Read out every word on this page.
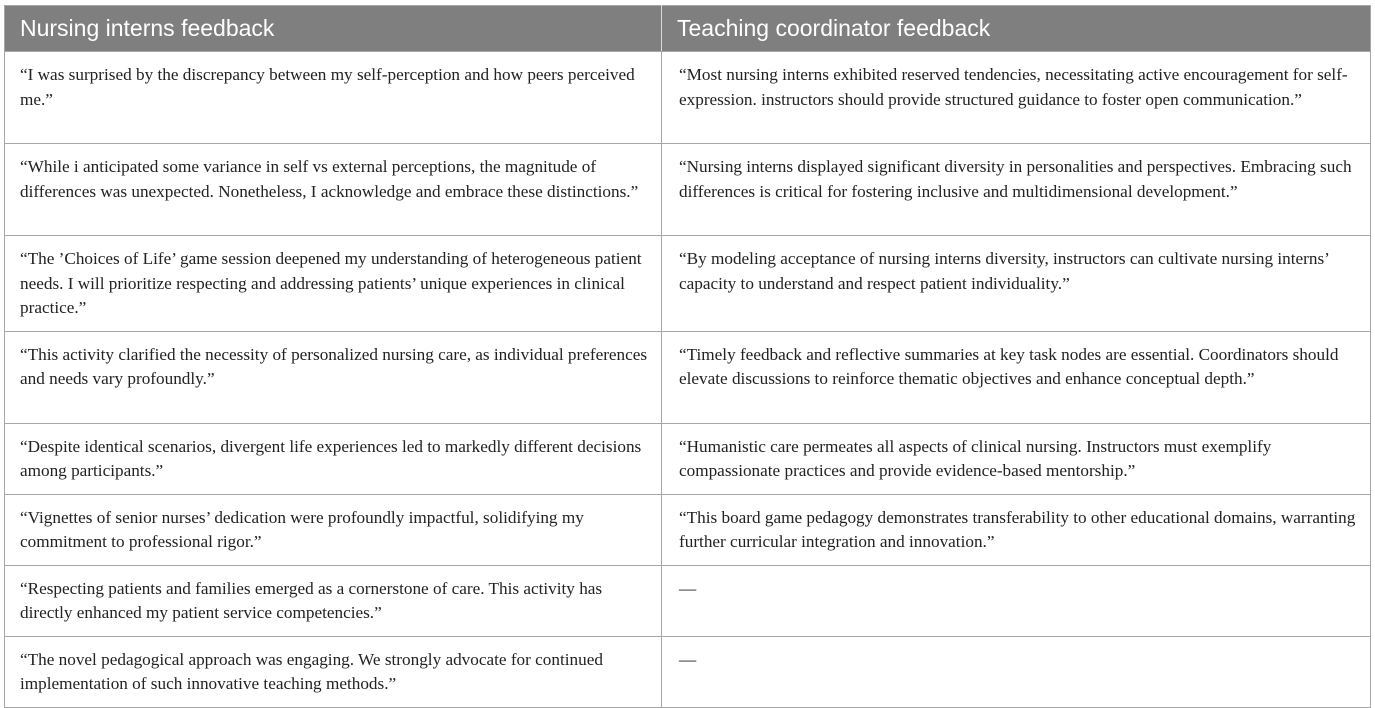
Nursing interns feedback	Teaching coordinator feedback
“I was surprised by the discrepancy between my self-perception and how peers perceived me.”	“Most nursing interns exhibited reserved tendencies, necessitating active encouragement for self-expression. instructors should provide structured guidance to foster open communication.”
“While i anticipated some variance in self vs external perceptions, the magnitude of differences was unexpected. Nonetheless, I acknowledge and embrace these distinctions.”	“Nursing interns displayed significant diversity in personalities and perspectives. Embracing such differences is critical for fostering inclusive and multidimensional development.”
“The ’Choices of Life’ game session deepened my understanding of heterogeneous patient needs. I will prioritize respecting and addressing patients’ unique experiences in clinical practice.”	“By modeling acceptance of nursing interns diversity, instructors can cultivate nursing interns’ capacity to understand and respect patient individuality.”
“This activity clarified the necessity of personalized nursing care, as individual preferences and needs vary profoundly.”	“Timely feedback and reflective summaries at key task nodes are essential. Coordinators should elevate discussions to reinforce thematic objectives and enhance conceptual depth.”
“Despite identical scenarios, divergent life experiences led to markedly different decisions among participants.”	“Humanistic care permeates all aspects of clinical nursing. Instructors must exemplify compassionate practices and provide evidence-based mentorship.”
“Vignettes of senior nurses’ dedication were profoundly impactful, solidifying my commitment to professional rigor.”	“This board game pedagogy demonstrates transferability to other educational domains, warranting further curricular integration and innovation.”
“Respecting patients and families emerged as a cornerstone of care. This activity has directly enhanced my patient service competencies.”	—
“The novel pedagogical approach was engaging. We strongly advocate for continued implementation of such innovative teaching methods.”	—
